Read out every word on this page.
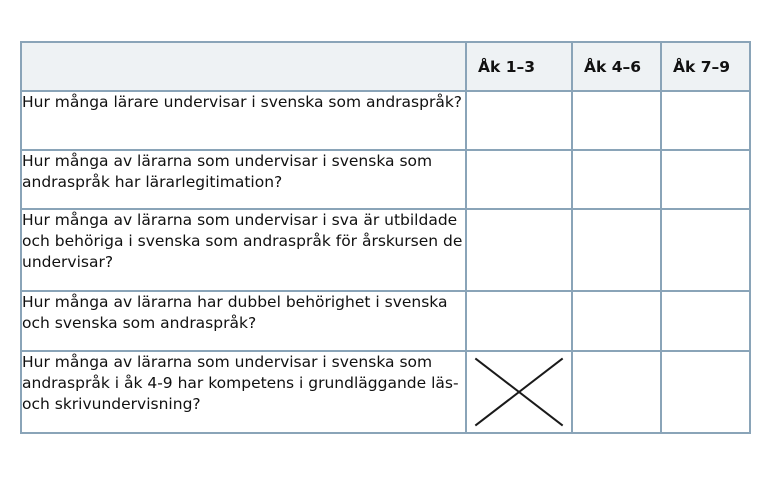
	Åk 1–3	Åk 4–6	Åk 7–9
Hur många lärare undervisar i svenska som andraspråk?			
Hur många av lärarna som undervisar i svenska som andraspråk har lärarlegitimation?			
Hur många av lärarna som undervisar i sva är utbildade och behöriga i svenska som andraspråk för årskursen de undervisar?			
Hur många av lärarna har dubbel behörighet i svenska och svenska som andraspråk?			
Hur många av lärarna som undervisar i svenska som andraspråk i åk 4-9 har kompetens i grundläggande läs- och skrivundervisning?	
